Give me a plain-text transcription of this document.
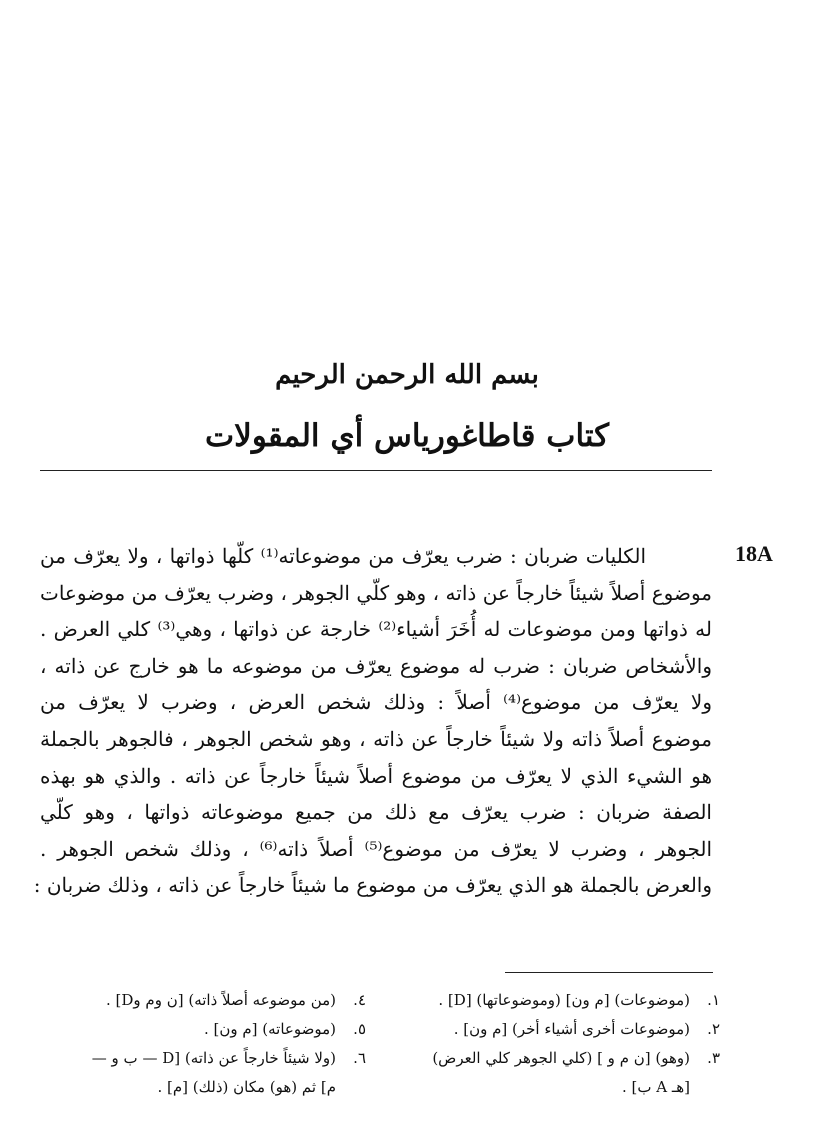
بسم الله الرحمن الرحيم
كتاب قاطاغورياس أي المقولات
18A
الكليات ضربان : ضرب يعرّف من موضوعاته⁽¹⁾ كلّها ذواتها ، ولا يعرّف من
موضوع أصلاً شيئاً خارجاً عن ذاته ، وهو كلّي الجوهر ، وضرب يعرّف من موضوعات
له ذواتها ومن موضوعات له أُخَرَ أشياء⁽²⁾ خارجة عن ذواتها ، وهي⁽³⁾ كلي العرض .
والأشخاص ضربان : ضرب له موضوع يعرّف من موضوعه ما هو خارج عن ذاته ،
ولا يعرّف من موضوع⁽⁴⁾ أصلاً : وذلك شخص العرض ، وضرب لا يعرّف من
موضوع أصلاً ذاته ولا شيئاً خارجاً عن ذاته ، وهو شخص الجوهر ، فالجوهر بالجملة
هو الشيء الذي لا يعرّف من موضوع أصلاً شيئاً خارجاً عن ذاته . والذي هو بهذه
الصفة ضربان : ضرب يعرّف مع ذلك من جميع موضوعاته ذواتها ، وهو كلّي
الجوهر ، وضرب لا يعرّف من موضوع⁽⁵⁾ أصلاً ذاته⁽⁶⁾ ، وذلك شخص الجوهر .
والعرض بالجملة هو الذي يعرّف من موضوع ما شيئاً خارجاً عن ذاته ، وذلك ضربان :
١.
(موضوعات) [م ون] (وموضوعاتها) [D] .
٢.
(موضوعات أخرى أشياء أخر) [م ون] .
٣.
(وهو) [ن م و ] (كلي الجوهر كلي العرض)
[هـ A ب] .
٤.
(من موضوعه أصلاً ذاته) [ن وم وD] .
٥.
(موضوعاته) [م ون] .
٦.
(ولا شيئاً خارجاً عن ذاته) [D — ب و —
م] ثم (هو) مكان (ذلك) [م] .
